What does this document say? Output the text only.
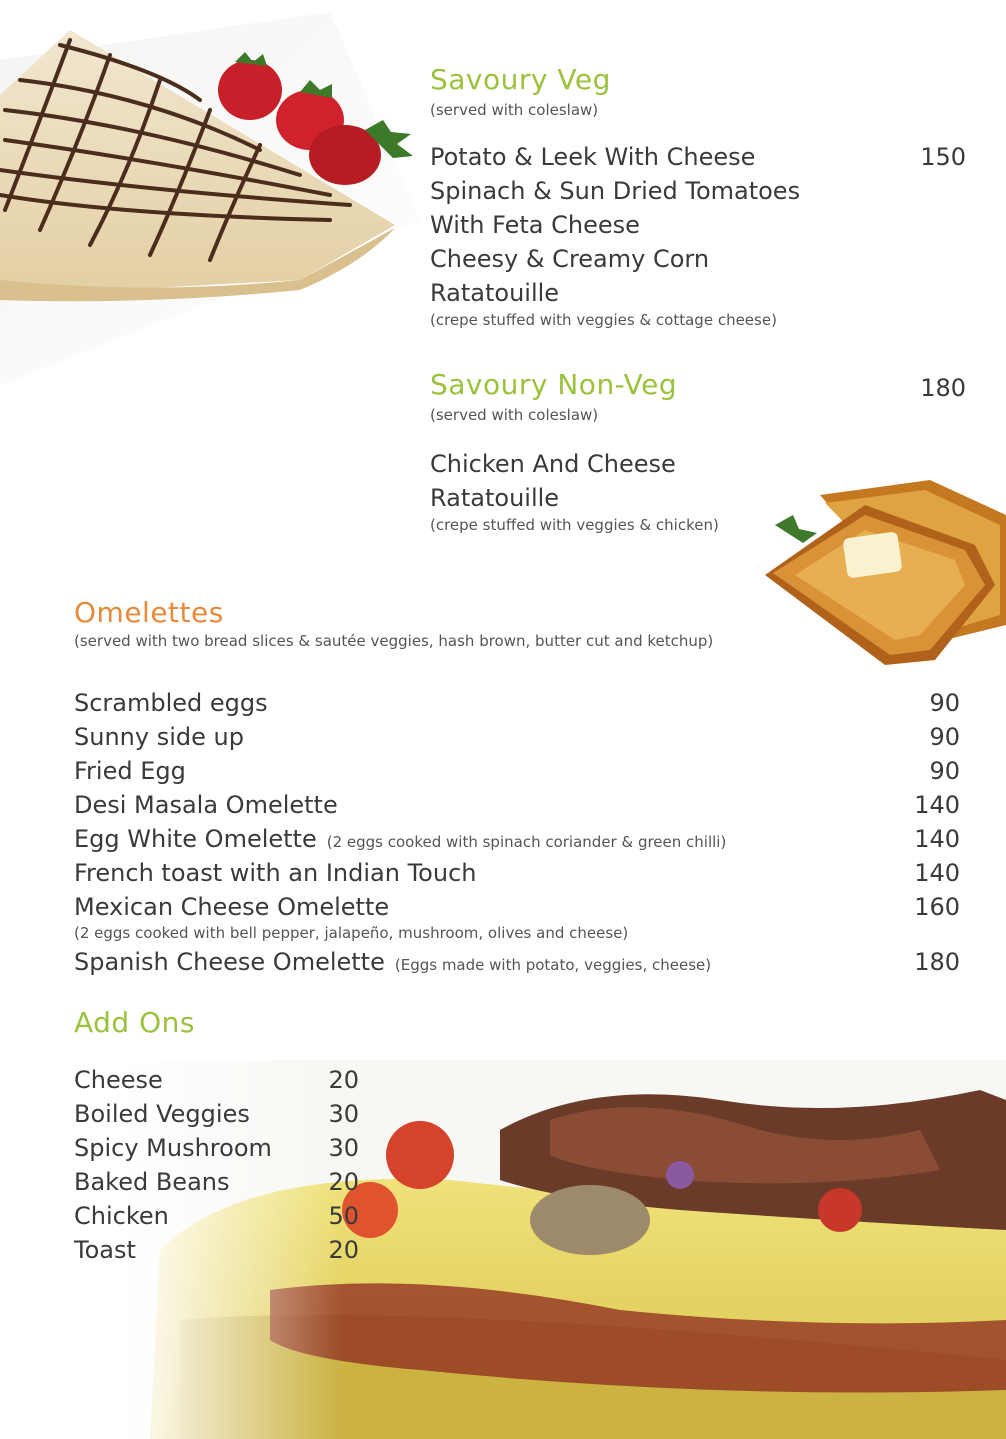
Savoury Veg
(served with coleslaw)
Potato & Leek With Cheese	150
Spinach & Sun Dried Tomatoes
With Feta Cheese
Cheesy & Creamy Corn
Ratatouille
(crepe stuffed with veggies & cottage cheese)
Savoury Non-Veg	180
(served with coleslaw)
Chicken And Cheese
Ratatouille
(crepe stuffed with veggies & chicken)
Omelettes
(served with two bread slices & sautée veggies, hash brown, butter cut and ketchup)
Scrambled eggs	90
Sunny side up	90
Fried Egg	90
Desi Masala Omelette	140
Egg White Omelette (2 eggs cooked with spinach coriander & green chilli)	140
French toast with an Indian Touch	140
Mexican Cheese Omelette	160
(2 eggs cooked with bell pepper, jalapeño, mushroom, olives and cheese)
Spanish Cheese Omelette (Eggs made with potato, veggies, cheese)	180
Add Ons
Cheese	20
Boiled Veggies	30
Spicy Mushroom 30
Baked Beans	20
Chicken	50
Toast	20
